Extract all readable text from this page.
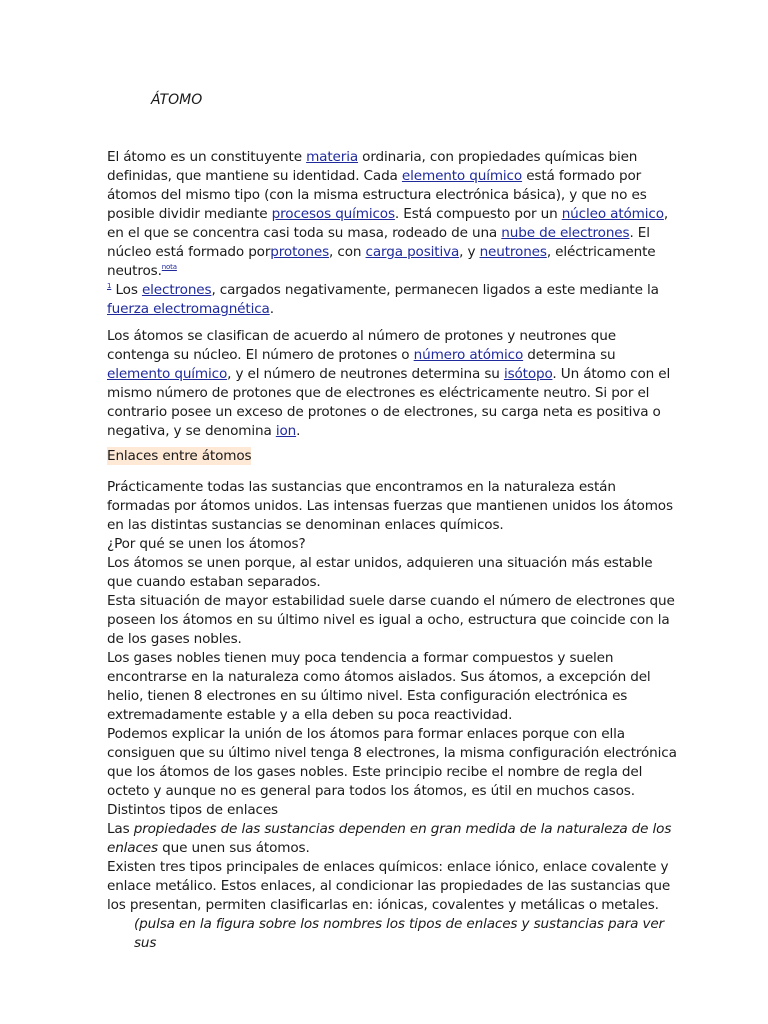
ÁTOMO

El átomo es un constituyente materia ordinaria, con propiedades químicas bien definidas, que mantiene su identidad. Cada elemento químico está formado por átomos del mismo tipo (con la misma estructura electrónica básica), y que no es posible dividir mediante procesos químicos. Está compuesto por un núcleo atómico, en el que se concentra casi toda su masa, rodeado de una nube de electrones. El núcleo está formado porprotones, con carga positiva, y neutrones, eléctricamente neutros.$^{nota}$
$^1$ Los electrones, cargados negativamente, permanecen ligados a este mediante la fuerza electromagnética.

Los átomos se clasifican de acuerdo al número de protones y neutrones que contenga su núcleo. El número de protones o número atómico determina su elemento químico, y el número de neutrones determina su isótopo. Un átomo con el mismo número de protones que de electrones es eléctricamente neutro. Si por el contrario posee un exceso de protones o de electrones, su carga neta es positiva o negativa, y se denomina ion.

Enlaces entre átomos

Prácticamente todas las sustancias que encontramos en la naturaleza están formadas por átomos unidos. Las intensas fuerzas que mantienen unidos los átomos en las distintas sustancias se denominan enlaces químicos.

¿Por qué se unen los átomos?

Los átomos se unen porque, al estar unidos, adquieren una situación más estable que cuando estaban separados.

Esta situación de mayor estabilidad suele darse cuando el número de electrones que poseen los átomos en su último nivel es igual a ocho, estructura que coincide con la de los gases nobles.

Los gases nobles tienen muy poca tendencia a formar compuestos y suelen encontrarse en la naturaleza como átomos aislados. Sus átomos, a excepción del helio, tienen 8 electrones en su último nivel. Esta configuración electrónica es extremadamente estable y a ella deben su poca reactividad.

Podemos explicar la unión de los átomos para formar enlaces porque con ella consiguen que su último nivel tenga 8 electrones, la misma configuración electrónica que los átomos de los gases nobles. Este principio recibe el nombre de regla del octeto y aunque no es general para todos los átomos, es útil en muchos casos.

Distintos tipos de enlaces

Las propiedades de las sustancias dependen en gran medida de la naturaleza de los enlaces que unen sus átomos.

Existen tres tipos principales de enlaces químicos: enlace iónico, enlace covalente y enlace metálico. Estos enlaces, al condicionar las propiedades de las sustancias que los presentan, permiten clasificarlas en: iónicas, covalentes y metálicas o metales.

(pulsa en la figura sobre los nombres los tipos de enlaces y sustancias para ver sus
